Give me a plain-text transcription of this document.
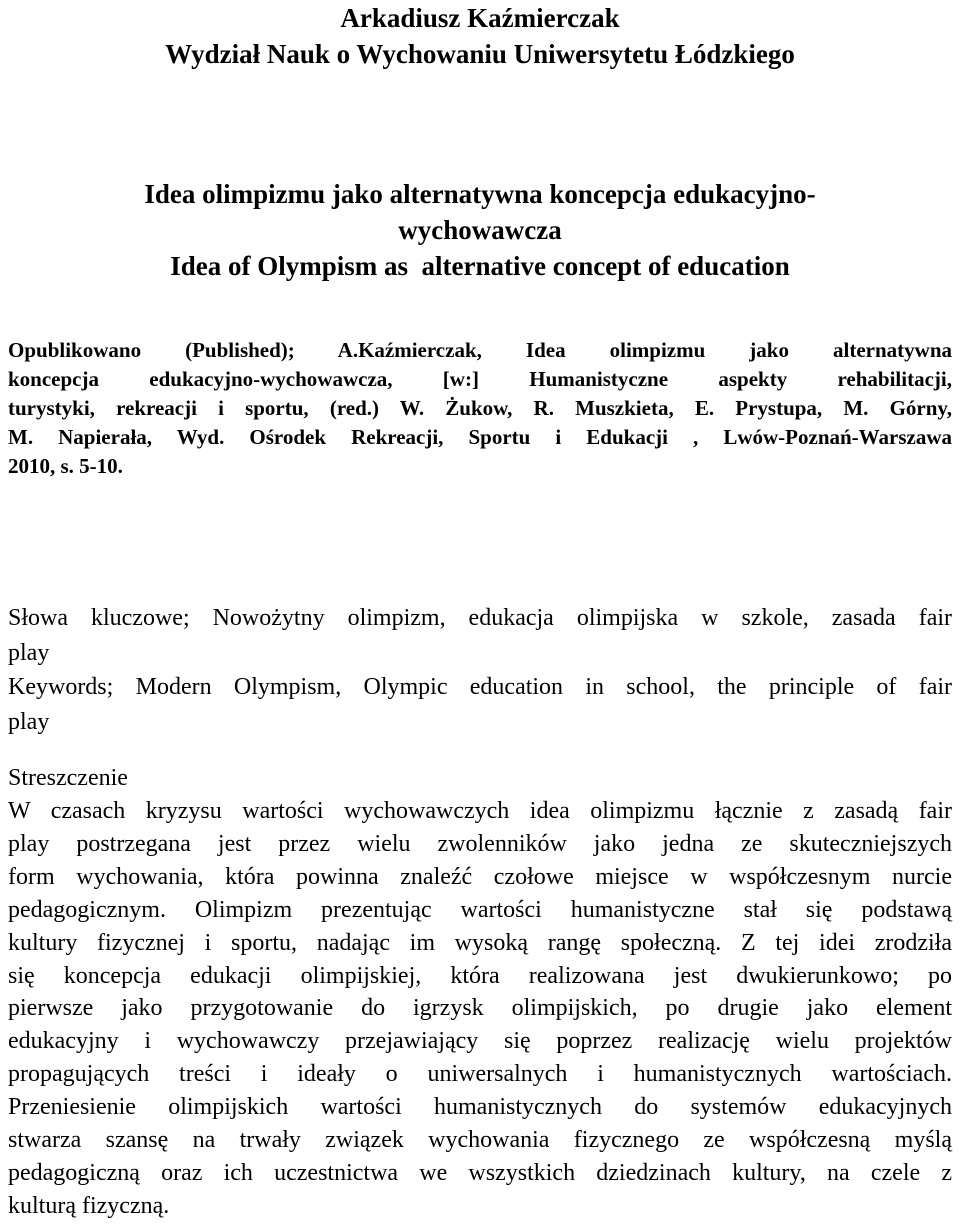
Arkadiusz Kaźmierczak
Wydział Nauk o Wychowaniu Uniwersytetu Łódzkiego
Idea olimpizmu jako alternatywna koncepcja edukacyjno-
wychowawcza
Idea of Olympism as  alternative concept of education
Opublikowano (Published); A.Kaźmierczak, Idea olimpizmu jako alternatywna
koncepcja edukacyjno-wychowawcza, [w:] Humanistyczne aspekty rehabilitacji,
turystyki, rekreacji i sportu, (red.) W. Żukow, R. Muszkieta, E. Prystupa, M. Górny,
M. Napierała, Wyd. Ośrodek Rekreacji, Sportu i Edukacji , Lwów-Poznań-Warszawa
2010, s. 5-10.
Słowa kluczowe; Nowożytny olimpizm, edukacja olimpijska w szkole, zasada fair
play
Keywords; Modern Olympism, Olympic education in school, the principle of fair
play
Streszczenie
W czasach kryzysu wartości wychowawczych idea olimpizmu łącznie z zasadą fair
play postrzegana jest przez wielu zwolenników jako jedna ze skuteczniejszych
form wychowania, która powinna znaleźć czołowe miejsce w współczesnym nurcie
pedagogicznym. Olimpizm prezentując wartości humanistyczne stał się podstawą
kultury fizycznej i sportu, nadając im wysoką rangę społeczną. Z tej idei zrodziła
się koncepcja edukacji olimpijskiej, która realizowana jest dwukierunkowo; po
pierwsze jako przygotowanie do igrzysk olimpijskich, po drugie jako element
edukacyjny i wychowawczy przejawiający się poprzez realizację wielu projektów
propagujących treści i ideały o uniwersalnych i humanistycznych wartościach.
Przeniesienie olimpijskich wartości humanistycznych do systemów edukacyjnych
stwarza szansę na trwały związek wychowania fizycznego ze współczesną myślą
pedagogiczną oraz ich uczestnictwa we wszystkich dziedzinach kultury, na czele z
kulturą fizyczną.
